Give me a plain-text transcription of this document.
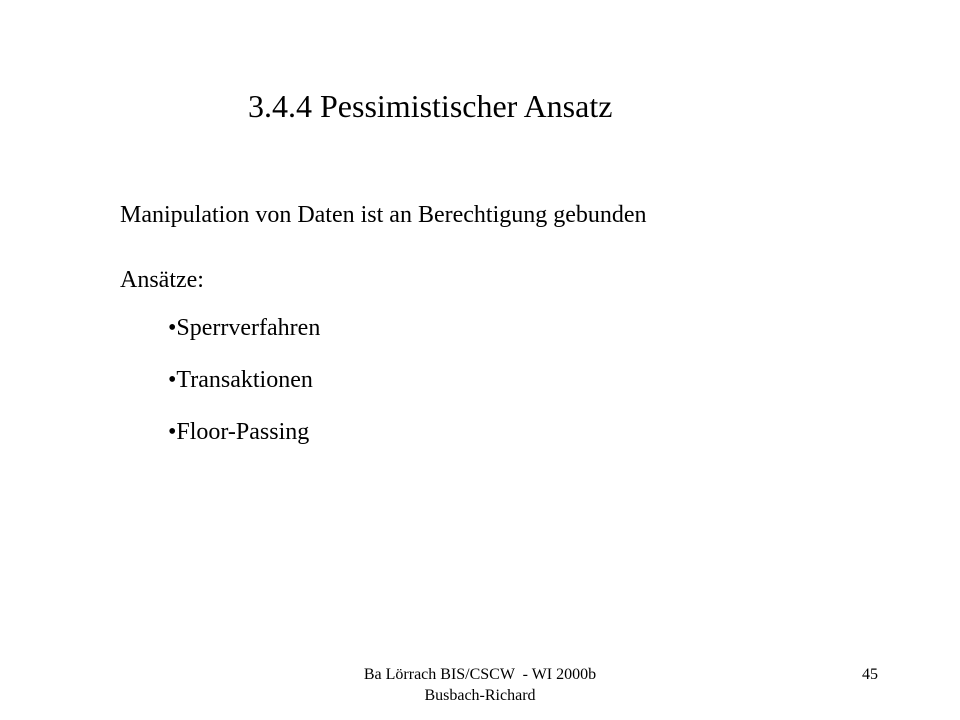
3.4.4 Pessimistischer Ansatz
Manipulation von Daten ist an Berechtigung gebunden
Ansätze:
•Sperrverfahren
•Transaktionen
•Floor-Passing
Ba Lörrach BIS/CSCW  - WI 2000b
Busbach-Richard
45
